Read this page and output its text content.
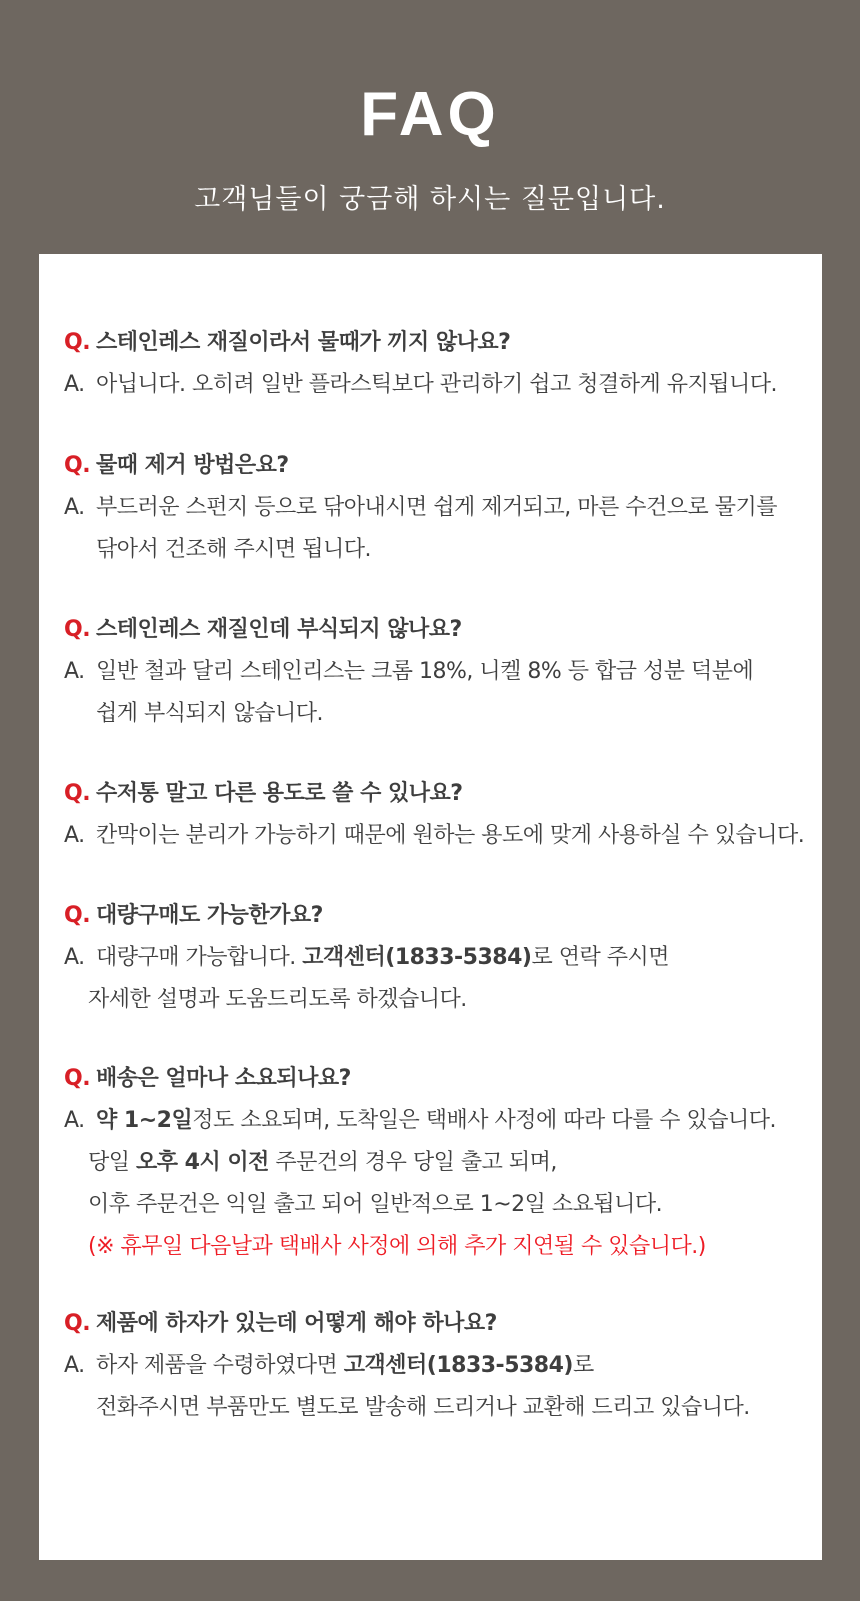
FAQ
고객님들이 궁금해 하시는 질문입니다.
Q. 스테인레스 재질이라서 물때가 끼지 않나요?
A. 아닙니다. 오히려 일반 플라스틱보다 관리하기 쉽고 청결하게 유지됩니다.
Q. 물때 제거 방법은요?
A. 부드러운 스펀지 등으로 닦아내시면 쉽게 제거되고, 마른 수건으로 물기를
닦아서 건조해 주시면 됩니다.
Q. 스테인레스 재질인데 부식되지 않나요?
A. 일반 철과 달리 스테인리스는 크롬 18%, 니켈 8% 등 합금 성분 덕분에
쉽게 부식되지 않습니다.
Q. 수저통 말고 다른 용도로 쓸 수 있나요?
A. 칸막이는 분리가 가능하기 때문에 원하는 용도에 맞게 사용하실 수 있습니다.
Q. 대량구매도 가능한가요?
A. 대량구매 가능합니다. 고객센터(1833-5384)로 연락 주시면
자세한 설명과 도움드리도록 하겠습니다.
Q. 배송은 얼마나 소요되나요?
A. 약 1~2일정도 소요되며, 도착일은 택배사 사정에 따라 다를 수 있습니다.
당일 오후 4시 이전 주문건의 경우 당일 출고 되며,
이후 주문건은 익일 출고 되어 일반적으로 1~2일 소요됩니다.
(※ 휴무일 다음날과 택배사 사정에 의해 추가 지연될 수 있습니다.)
Q. 제품에 하자가 있는데 어떻게 해야 하나요?
A. 하자 제품을 수령하였다면 고객센터(1833-5384)로
전화주시면 부품만도 별도로 발송해 드리거나 교환해 드리고 있습니다.
